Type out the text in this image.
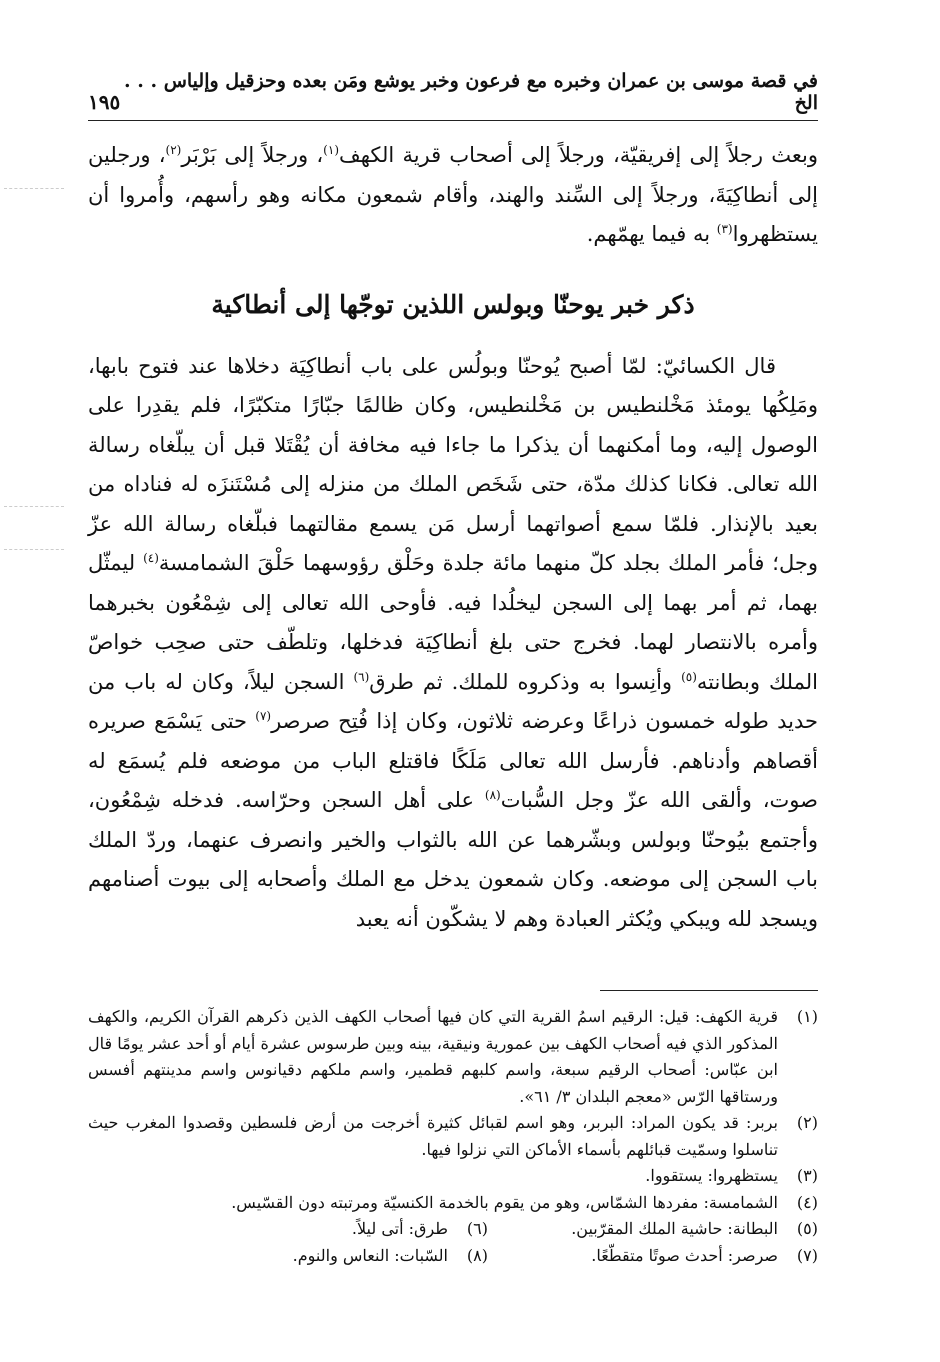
في قصة موسى بن عمران وخبره مع فرعون وخبر يوشع ومَن بعده وحزقيل وإلياس . . . الخ
١٩٥

وبعث رجلاً إلى إفريقيّة، ورجلاً إلى أصحاب قرية الكهف$^{(١)}$، ورجلاً إلى بَرْبَر$^{(٢)}$، ورجلين إلى أنطاكِيَةَ، ورجلاً إلى السِّند والهند، وأقام شمعون مكانه وهو رأسهم، وأُمروا أن يستظهروا$^{(٣)}$ به فيما يهمّهم.

ذكر خبر يوحنّا وبولس اللذين توجّها إلى أنطاكية

قال الكسائيّ: لمّا أصبح يُوحنّا وبولُس على باب أنطاكِيَة دخلاها عند فتوح بابها، ومَلِكُها يومئذ مَخْلنطيس بن مَخْلنطيس، وكان ظالمًا جبّارًا متكبّرًا، فلم يقدِرا على الوصول إليه، وما أمكنهما أن يذكرا ما جاءا فيه مخافة أن يُقْتَلا قبل أن يبلّغاه رسالة الله تعالى. فكانا كذلك مدّة، حتى شَخَص الملك من منزله إلى مُسْتَنزَه له فناداه من بعيد بالإنذار. فلمّا سمع أصواتهما أرسل مَن يسمع مقالتهما فبلّغاه رسالة الله عزّ وجل؛ فأمر الملك بجلد كلّ منهما مائة جلدة وحَلْق رؤوسهما حَلْقَ الشمامسة$^{(٤)}$ ليمثّل بهما، ثم أمر بهما إلى السجن ليخلُدا فيه. فأوحى الله تعالى إلى شِمْعُون بخبرهما وأمره بالانتصار لهما. فخرج حتى بلغ أنطاكِيَة فدخلها، وتلطّف حتى صحِب خواصّ الملك وبطانته$^{(٥)}$ وأنِسوا به وذكروه للملك. ثم طرق$^{(٦)}$ السجن ليلاً، وكان له باب من حديد طوله خمسون ذراعًا وعرضه ثلاثون، وكان إذا فُتِح صرصر$^{(٧)}$ حتى يَسْمَع صريره أقصاهم وأدناهم. فأرسل الله تعالى مَلَكًا فاقتلع الباب من موضعه فلم يُسمَع له صوت، وألقى الله عزّ وجل السُّبات$^{(٨)}$ على أهل السجن وحرّاسه. فدخله شِمْعُون، وأجتمع بيُوحنّا وبولس وبشّرهما عن الله بالثواب والخير وانصرف عنهما، وردّ الملك باب السجن إلى موضعه. وكان شمعون يدخل مع الملك وأصحابه إلى بيوت أصنامهم ويسجد لله ويبكي ويُكثر العبادة وهم لا يشكّون أنه يعبد

(١)
قرية الكهف: قيل: الرقيم اسمُ القرية التي كان فيها أصحاب الكهف الذين ذكرهم القرآن الكريم، والكهف المذكور الذي فيه أصحاب الكهف بين عمورية ونيقية، بينه وبين طرسوس عشرة أيام أو أحد عشر يومًا قال ابن عبّاس: أصحاب الرقيم سبعة، واسم كلبهم قطمير، واسم ملكهم دقيانوس واسم مدينتهم أفسس ورستاقها الرّس «معجم البلدان ٣/ ٦١».
(٢)
بربر: قد يكون المراد: البربر، وهو اسم لقبائل كثيرة أخرجت من أرض فلسطين وقصدوا المغرب حيث تناسلوا وسمّيت قبائلهم بأسماء الأماكن التي نزلوا فيها.
(٣)
يستظهروا: يستقووا.
(٤)
الشمامسة: مفردها الشمّاس، وهو من يقوم بالخدمة الكنسيّة ومرتبته دون القسّيس.
(٥)
البطانة: حاشية الملك المقرّبين.
(٦)
طرق: أتى ليلاً.
(٧)
صرصر: أحدث صوتًا متقطّعًا.
(٨)
السّبات: النعاس والنوم.
